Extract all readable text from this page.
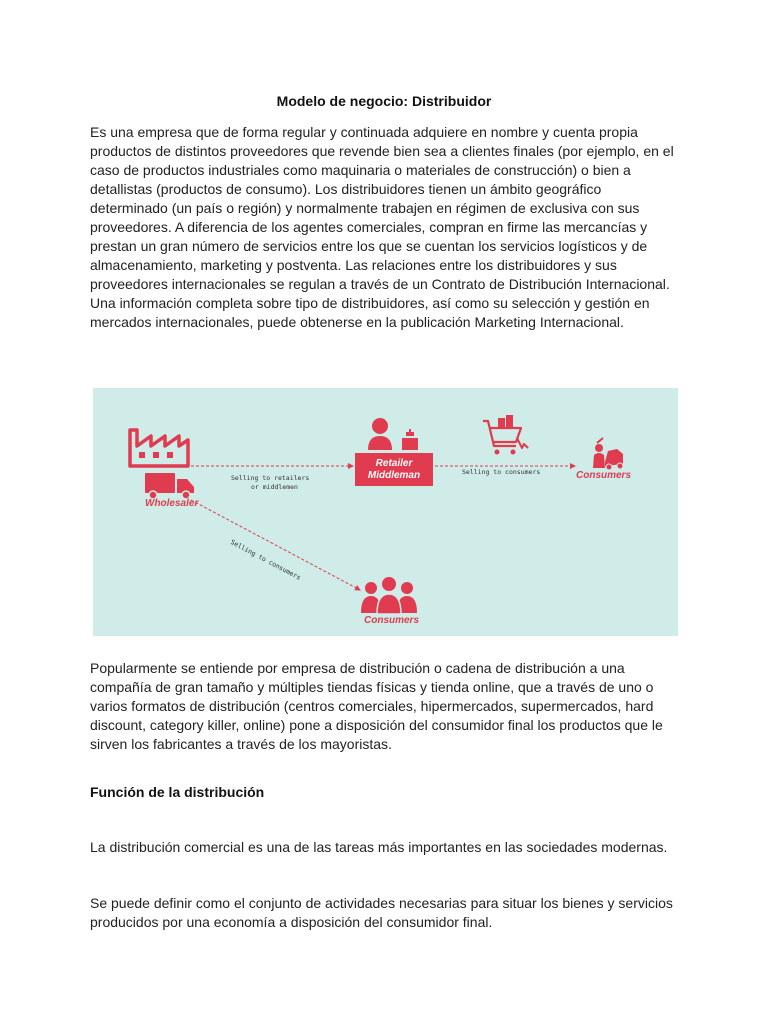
Modelo de negocio: Distribuidor

Es una empresa que de forma regular y continuada adquiere en nombre y cuenta propia productos de distintos proveedores que revende bien sea a clientes finales (por ejemplo, en el caso de productos industriales como maquinaria o materiales de construcción) o bien a detallistas (productos de consumo). Los distribuidores tienen un ámbito geográfico determinado (un país o región) y normalmente trabajen en régimen de exclusiva con sus proveedores. A diferencia de los agentes comerciales, compran en firme las mercancías y prestan un gran número de servicios entre los que se cuentan los servicios logísticos y de almacenamiento, marketing y postventa. Las relaciones entre los distribuidores y sus proveedores internacionales se regulan a través de un Contrato de Distribución Internacional. Una información completa sobre tipo de distribuidores, así como su selección y gestión en mercados internacionales, puede obtenerse en la publicación Marketing Internacional.

Wholesaler
Retailer
Middleman	Consumers
Consumers
Selling to retailers
or middlemen
Selling to consumers
Selling to consumers

Popularmente se entiende por empresa de distribución o cadena de distribución a una compañía de gran tamaño y múltiples tiendas físicas y tienda online, que a través de uno o varios formatos de distribución (centros comerciales, hipermercados, supermercados, hard discount, category killer, online) pone a disposición del consumidor final los productos que le sirven los fabricantes a través de los mayoristas.

Función de la distribución

La distribución comercial es una de las tareas más importantes en las sociedades modernas.

Se puede definir como el conjunto de actividades necesarias para situar los bienes y servicios producidos por una economía a disposición del consumidor final.
